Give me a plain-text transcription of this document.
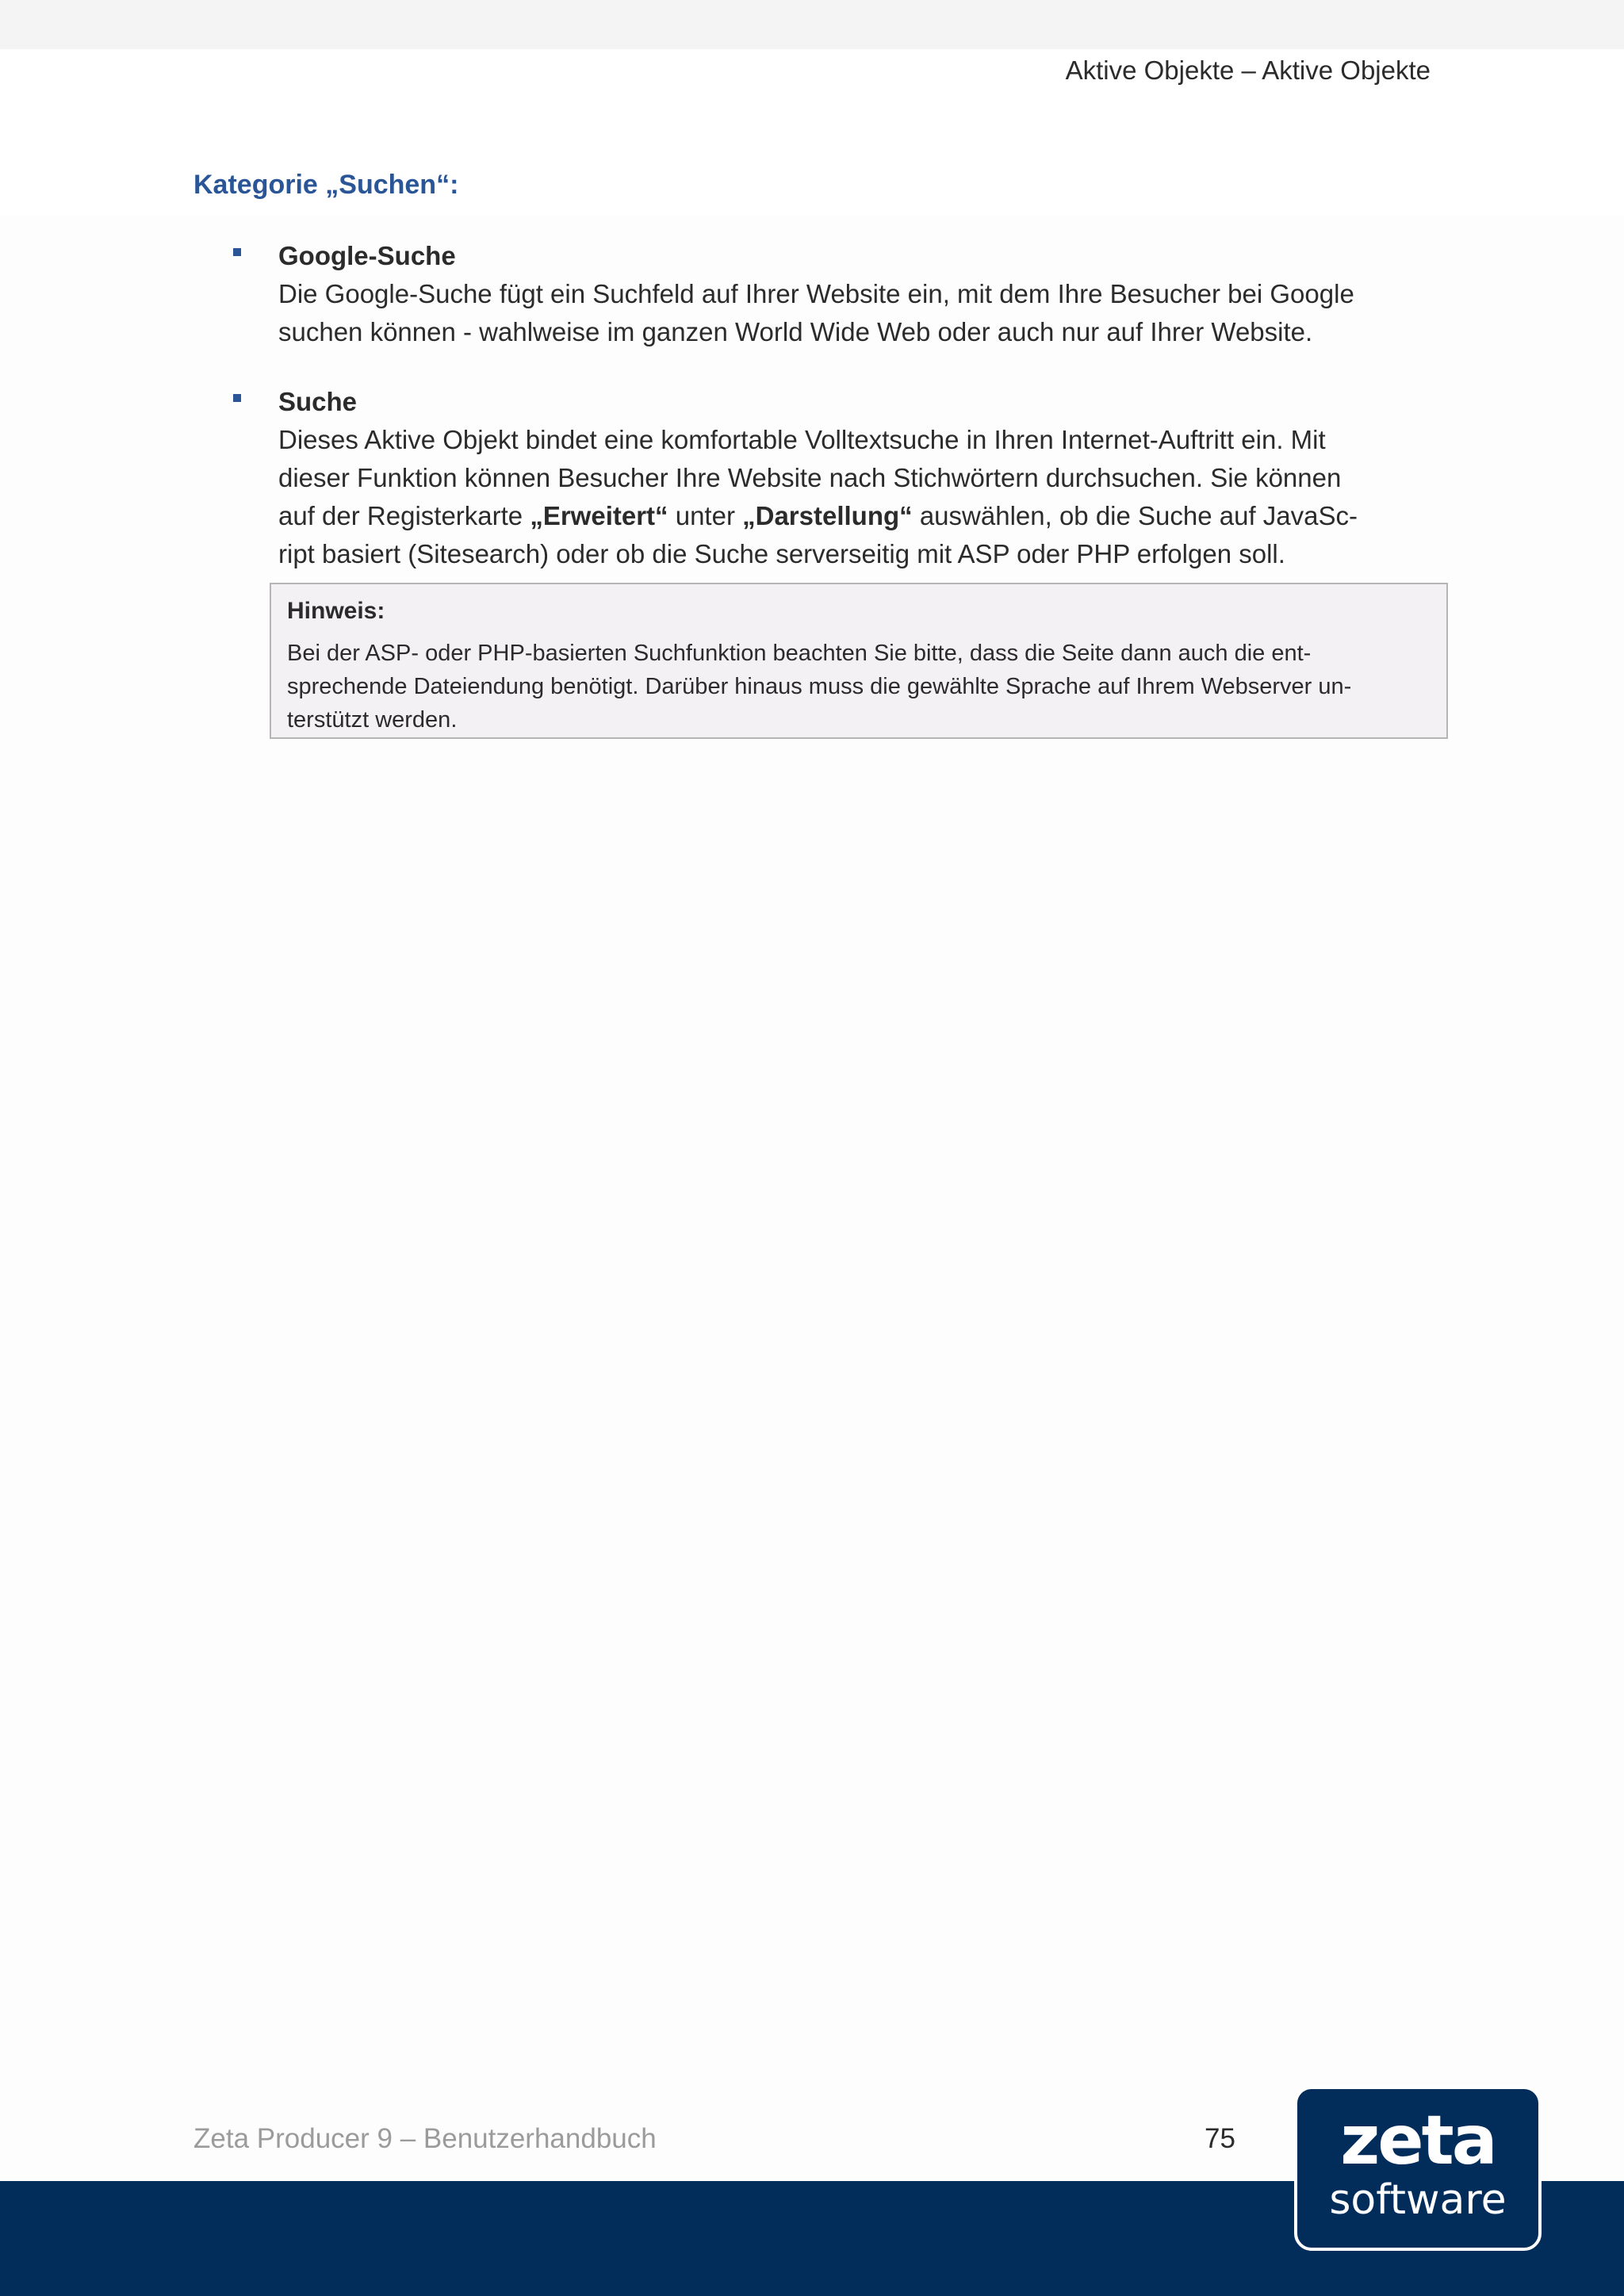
Aktive Objekte – Aktive Objekte
Kategorie „Suchen“:
Google-Suche
Die Google-Suche fügt ein Suchfeld auf Ihrer Website ein, mit dem Ihre Besucher bei Google
suchen können - wahlweise im ganzen World Wide Web oder auch nur auf Ihrer Website.
Suche
Dieses Aktive Objekt bindet eine komfortable Volltextsuche in Ihren Internet-Auftritt ein. Mit
dieser Funktion können Besucher Ihre Website nach Stichwörtern durchsuchen. Sie können
auf der Registerkarte „Erweitert“ unter „Darstellung“ auswählen, ob die Suche auf JavaSc-
ript basiert (Sitesearch) oder ob die Suche serverseitig mit ASP oder PHP erfolgen soll.
Hinweis:
Bei der ASP- oder PHP-basierten Suchfunktion beachten Sie bitte, dass die Seite dann auch die ent-
sprechende Dateiendung benötigt. Darüber hinaus muss die gewählte Sprache auf Ihrem Webserver un-
terstützt werden.
Zeta Producer 9 – Benutzerhandbuch	75	zeta
software
